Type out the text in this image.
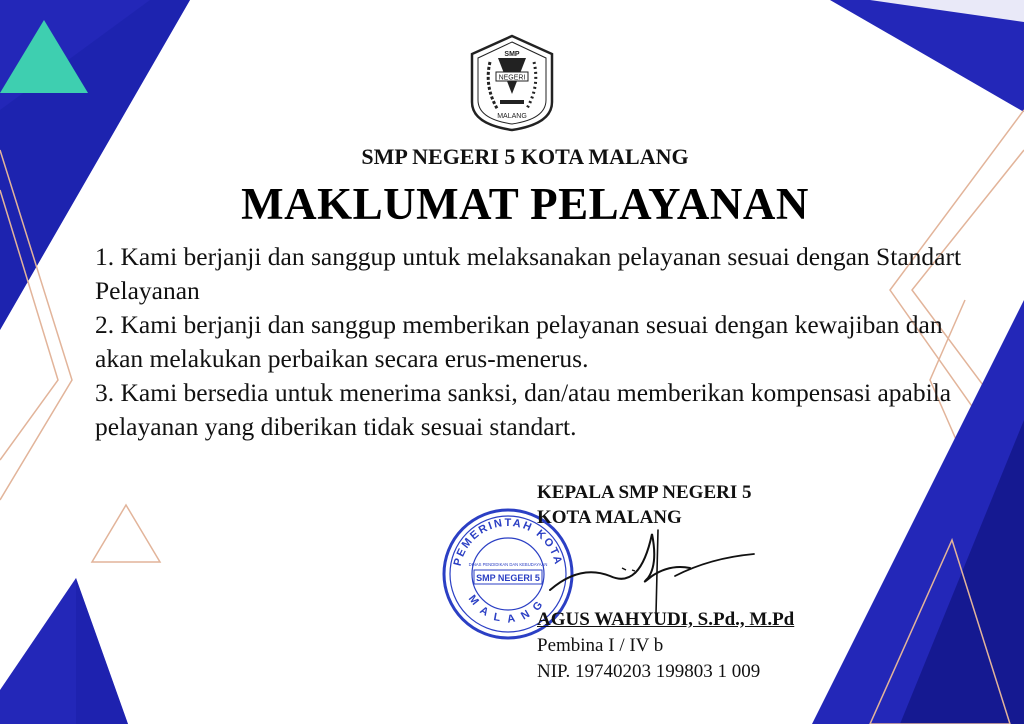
SMP
NEGERI
MALANG
SMP NEGERI 5 KOTA MALANG
MAKLUMAT PELAYANAN

1. Kami berjanji dan sanggup untuk melaksanakan pelayanan sesuai dengan Standart Pelayanan

2. Kami berjanji dan sanggup memberikan pelayanan sesuai dengan kewajiban dan akan melakukan perbaikan secara erus-menerus.

3. Kami bersedia untuk menerima sanksi, dan/atau memberikan kompensasi apabila pelayanan yang diberikan tidak sesuai standart.

PEMERINTAH KOTA
MALANG
DINAS PENDIDIKAN DAN KEBUDAYAAN
SMP NEGERI 5
KEPALA SMP NEGERI 5
KOTA MALANG
AGUS WAHYUDI, S.Pd., M.Pd
Pembina I / IV b
NIP. 19740203 199803 1 009
